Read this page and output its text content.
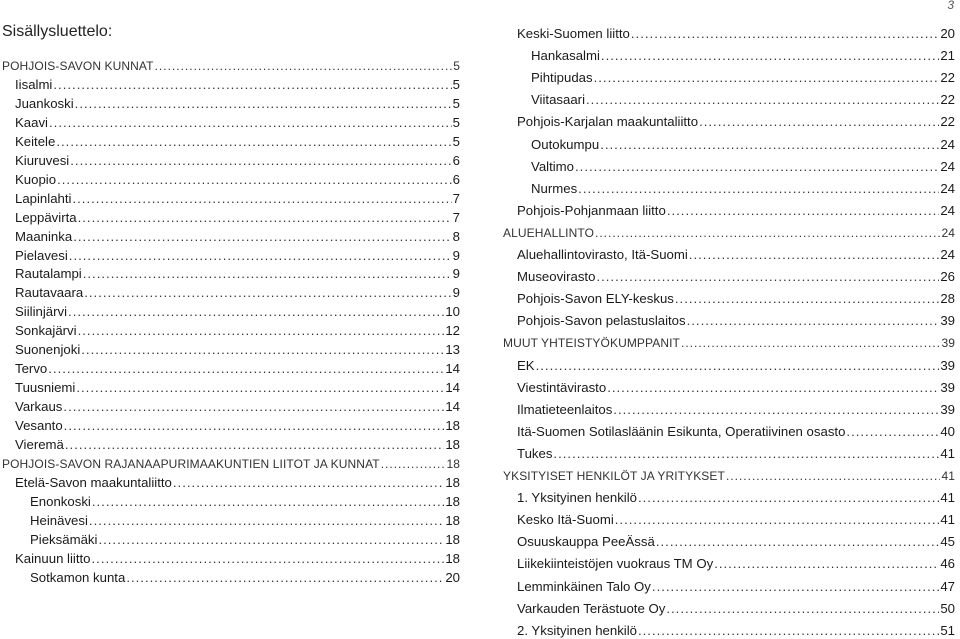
3
Sisällysluettelo:
POHJOIS-SAVON KUNNAT .....	5
Iisalmi .....	5
Juankoski .....	5
Kaavi .....	5
Keitele .....	5
Kiuruvesi .....	6
Kuopio .....	6
Lapinlahti .....	7
Leppävirta .....	7
Maaninka .....	8
Pielavesi .....	9
Rautalampi .....	9
Rautavaara .....	9
Siilinjärvi .....	10
Sonkajärvi .....	12
Suonenjoki .....	13
Tervo .....	14
Tuusniemi .....	14
Varkaus .....	14
Vesanto .....	18
Vieremä .....	18
POHJOIS-SAVON RAJANAAPURIMAAKUNTIEN LIITOT JA KUNNAT .....	18
Etelä-Savon maakuntaliitto .....	18
Enonkoski .....	18
Heinävesi .....	18
Pieksämäki .....	18
Kainuun liitto .....	18
Sotkamon kunta .....	20
Keski-Suomen liitto .....	20
Hankasalmi .....	21
Pihtipudas .....	22
Viitasaari .....	22
Pohjois-Karjalan maakuntaliitto .....	22
Outokumpu .....	24
Valtimo .....	24
Nurmes .....	24
Pohjois-Pohjanmaan liitto .....	24
ALUEHALLINTO .....	24
Aluehallintovirasto, Itä-Suomi .....	24
Museovirasto .....	26
Pohjois-Savon ELY-keskus .....	28
Pohjois-Savon pelastuslaitos .....	39
MUUT YHTEISTYÖKUMPPANIT .....	39
EK .....	39
Viestintävirasto .....	39
Ilmatieteenlaitos .....	39
Itä-Suomen Sotilasläänin Esikunta, Operatiivinen osasto .....	40
Tukes .....	41
YKSITYISET HENKILÖT JA YRITYKSET .....	41
1. Yksityinen henkilö .....	41
Kesko Itä-Suomi .....	41
Osuuskauppa PeeÄssä .....	45
Liikekiinteistöjen vuokraus TM Oy .....	46
Lemminkäinen Talo Oy .....	47
Varkauden Terästuote Oy .....	50
2. Yksityinen henkilö .....	51
